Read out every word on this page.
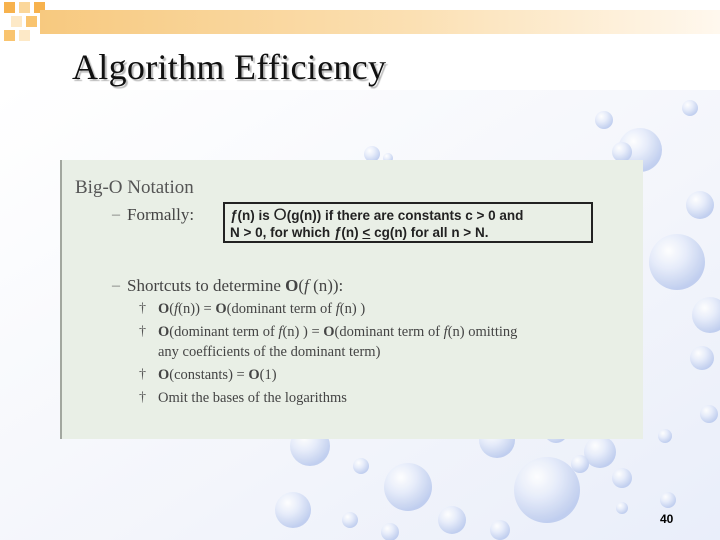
Algorithm Efficiency
Big-O Notation
– Formally:	ƒ(n) is O(g(n)) if there are constants c > 0 and
N > 0, for which ƒ(n) < cg(n) for all n > N.
– Shortcuts to determine O(f (n)):
† O(f(n)) = O(dominant term of f(n) )
† O(dominant term of f(n) ) = O(dominant term of f(n) omitting
any coefficients of the dominant term)
† O(constants) = O(1)
† Omit the bases of the logarithms
40
